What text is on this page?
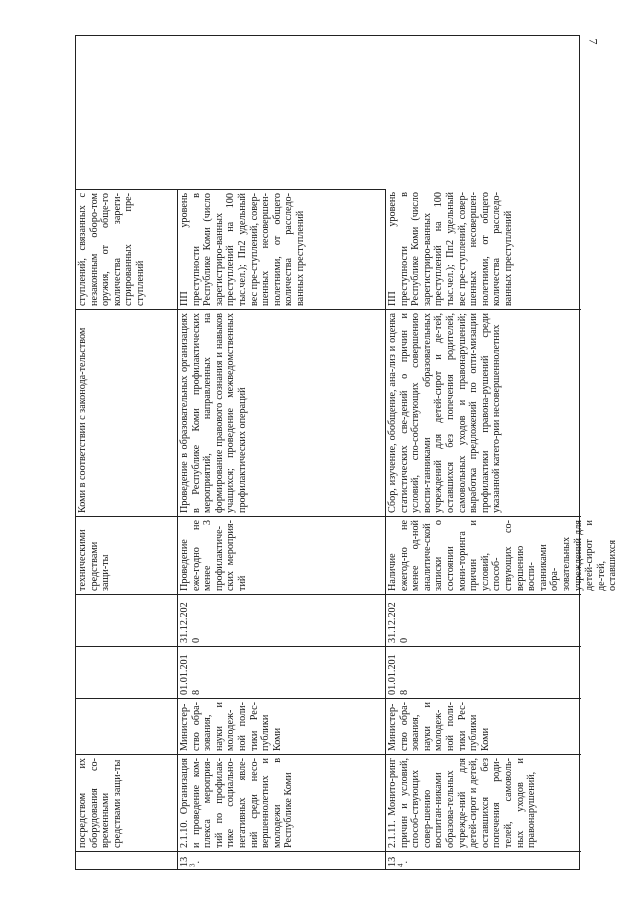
7
посредством их оборудования со-временными средствами защи-ты
техническими средствами защи-ты
Коми в соответствии с законода-тельством
ступлений, связанных с незаконным оборо-том оружия, от обще-го количества зареги-стрированных пре-ступлений
$13^3$.
2.1.10. Организация и проведение ком-плекса мероприя-тий по профилак-тике социально-негативных явле-ний среди несо-вершеннолетних и молодежи в Республике Коми
Министер-ство обра-зования, науки и молодеж-ной поли-тики Рес-публики Коми
01.01.2018
31.12.2020
Проведение еже-годно не менее 3 профилактиче-ских мероприя-тий
Проведение в образовательных организациях в Республике Коми профилактических мероприятий, направленных на формирование правового сознания и навыков учащихся; проведение межведомственных профилактических операций
ПП уровень преступности в Республике Коми (число зарегистриро-ванных преступлений на 100 тыс.чел.); Пп2 удельный вес пре-ступлений, совер-шенных несовершен-нолетними, от общего количества расследо-ванных преступлений
$13^4$.
2.1.11. Монито-ринг причин и условий, способ-ствующих совер-шению воспитан-никами образова-тельных учрежде-ний для детей-сирот и детей, оставшихся без попечения роди-телей, самоволь-ных уходов и правонарушений,
Министер-ство обра-зования, науки и молодеж-ной поли-тики Рес-публики Коми
01.01.2018
31.12.2020
Наличие ежегод-но не менее од-ной аналитиче-ской записки о состоянии мони-торинга причин и условий, способ-ствующих со-вершению воспи-танниками обра-зовательных учреждений для детей-сирот и де-тей, оставшихся
Сбор, изучение, обобщение, ана-лиз и оценка статистических све-дений о причин и условий, спо-собствующих совершению воспи-танниками образовательных учреждений для детей-сирот и де-тей, оставшихся без попечения родителей, самовольных уходов и правонарушений; выработка предложений по опти-мизации профилактики правона-рушений среди указанной катего-рии несовершеннолетних
ПП уровень преступности в Республике Коми (число зарегистриро-ванных преступлений на 100 тыс.чел.); Пп2 удельный вес пре-ступлений, совер-шенных несовершен-нолетними, от общего количества расследо-ванных преступлений
